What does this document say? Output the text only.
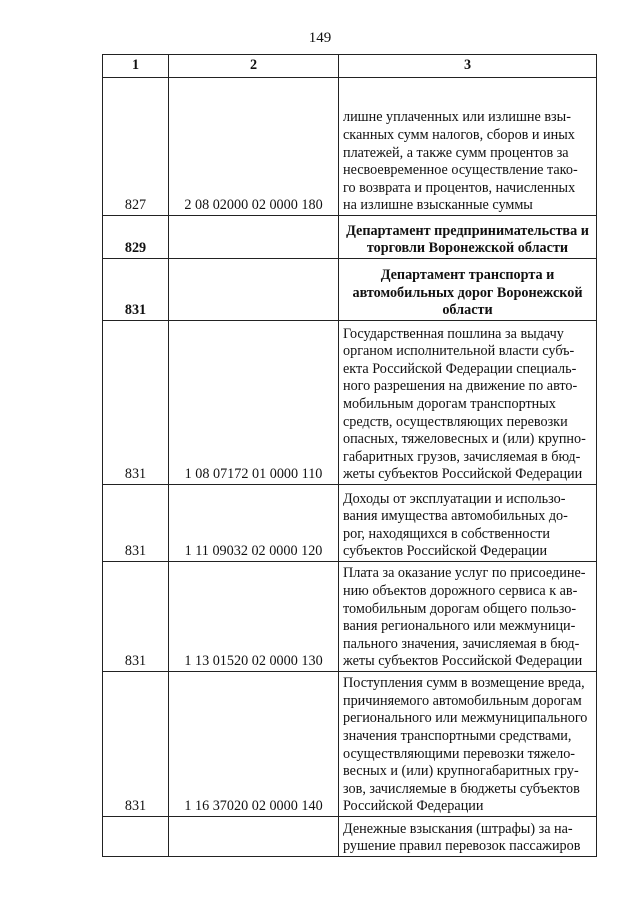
149
1	2	3
827	2 08 02000 02 0000 180	лишне уплаченных или излишне взы- сканных сумм налогов, сборов и иных платежей, а также сумм процентов за несвоевременное осуществление тако- го возврата и процентов, начисленных на излишне взысканные суммы
829		Департамент предпринимательства и торговли Воронежской области
831		Департамент транспорта и автомобильных дорог Воронежской области
831	1 08 07172 01 0000 110	Государственная пошлина за выдачу органом исполнительной власти субъ- екта Российской Федерации специаль- ного разрешения на движение по авто- мобильным дорогам транспортных средств, осуществляющих перевозки опасных, тяжеловесных и (или) крупно- габаритных грузов, зачисляемая в бюд- жеты субъектов Российской Федерации
831	1 11 09032 02 0000 120	Доходы от эксплуатации и использо- вания имущества автомобильных до- рог, находящихся в собственности субъектов Российской Федерации
831	1 13 01520 02 0000 130	Плата за оказание услуг по присоедине- нию объектов дорожного сервиса к ав- томобильным дорогам общего пользо- вания регионального или межмуници- пального значения, зачисляемая в бюд- жеты субъектов Российской Федерации
831	1 16 37020 02 0000 140	Поступления сумм в возмещение вреда, причиняемого автомобильным дорогам регионального или межмуниципального значения транспортными средствами, осуществляющими перевозки тяжело- весных и (или) крупногабаритных гру- зов, зачисляемые в бюджеты субъектов Российской Федерации
		Денежные взыскания (штрафы) за на- рушение правил перевозок пассажиров
